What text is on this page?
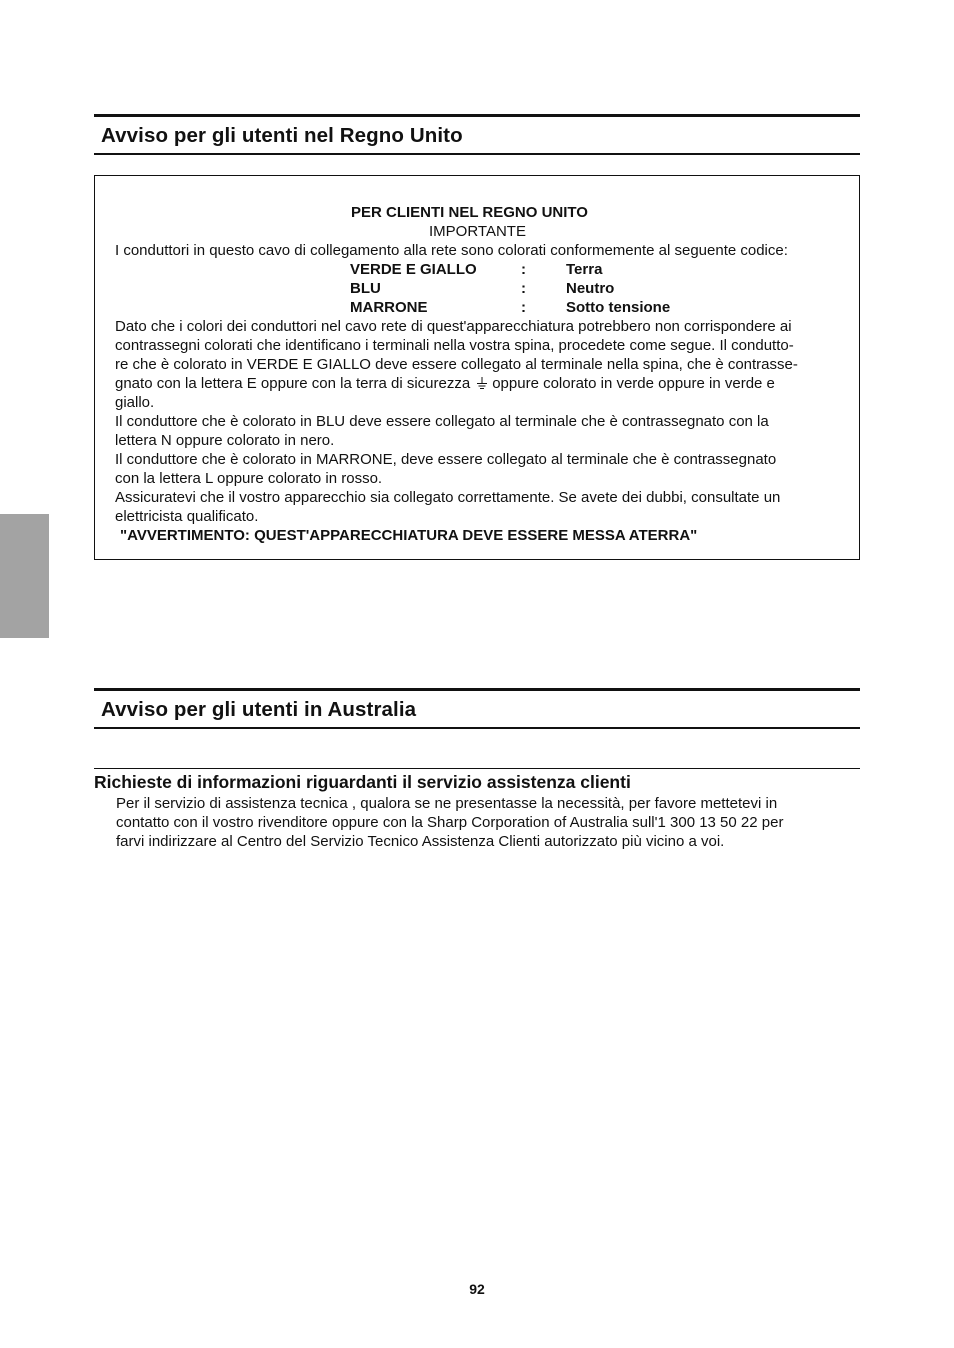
Avviso per gli utenti nel Regno Unito
PER CLIENTI NEL REGNO UNITO
IMPORTANTE
I conduttori in questo cavo di collegamento alla rete sono colorati conformemente al seguente codice:
VERDE E GIALLO	:	Terra
BLU	:	Neutro
MARRONE	:	Sotto tensione
Dato che i colori dei conduttori nel cavo rete di quest'apparecchiatura potrebbero non corrispondere ai
contrassegni colorati che identificano i terminali nella vostra spina, procedete come segue. Il condutto-
re che è colorato in VERDE E GIALLO deve essere collegato al terminale nella spina, che è contrasse-
gnato con la lettera E oppure con la terra di sicurezza oppure colorato in verde oppure in verde e
giallo.
Il conduttore che è colorato in BLU deve essere collegato al terminale che è contrassegnato con la
lettera N oppure colorato in nero.
Il conduttore che è colorato in MARRONE, deve essere collegato al terminale che è contrassegnato
con la lettera L oppure colorato in rosso.
Assicuratevi che il vostro apparecchio sia collegato correttamente. Se avete dei dubbi, consultate un
elettricista qualificato.
"AVVERTIMENTO: QUEST'APPARECCHIATURA DEVE ESSERE MESSA ATERRA"
Avviso per gli utenti in Australia
Richieste di informazioni riguardanti il servizio assistenza clienti
Per il servizio di assistenza tecnica , qualora se ne presentasse la necessità, per favore mettetevi in
contatto con il vostro rivenditore oppure con la Sharp Corporation of Australia sull'1 300 13 50 22 per
farvi indirizzare al Centro del Servizio Tecnico Assistenza Clienti autorizzato più vicino a voi.
92
